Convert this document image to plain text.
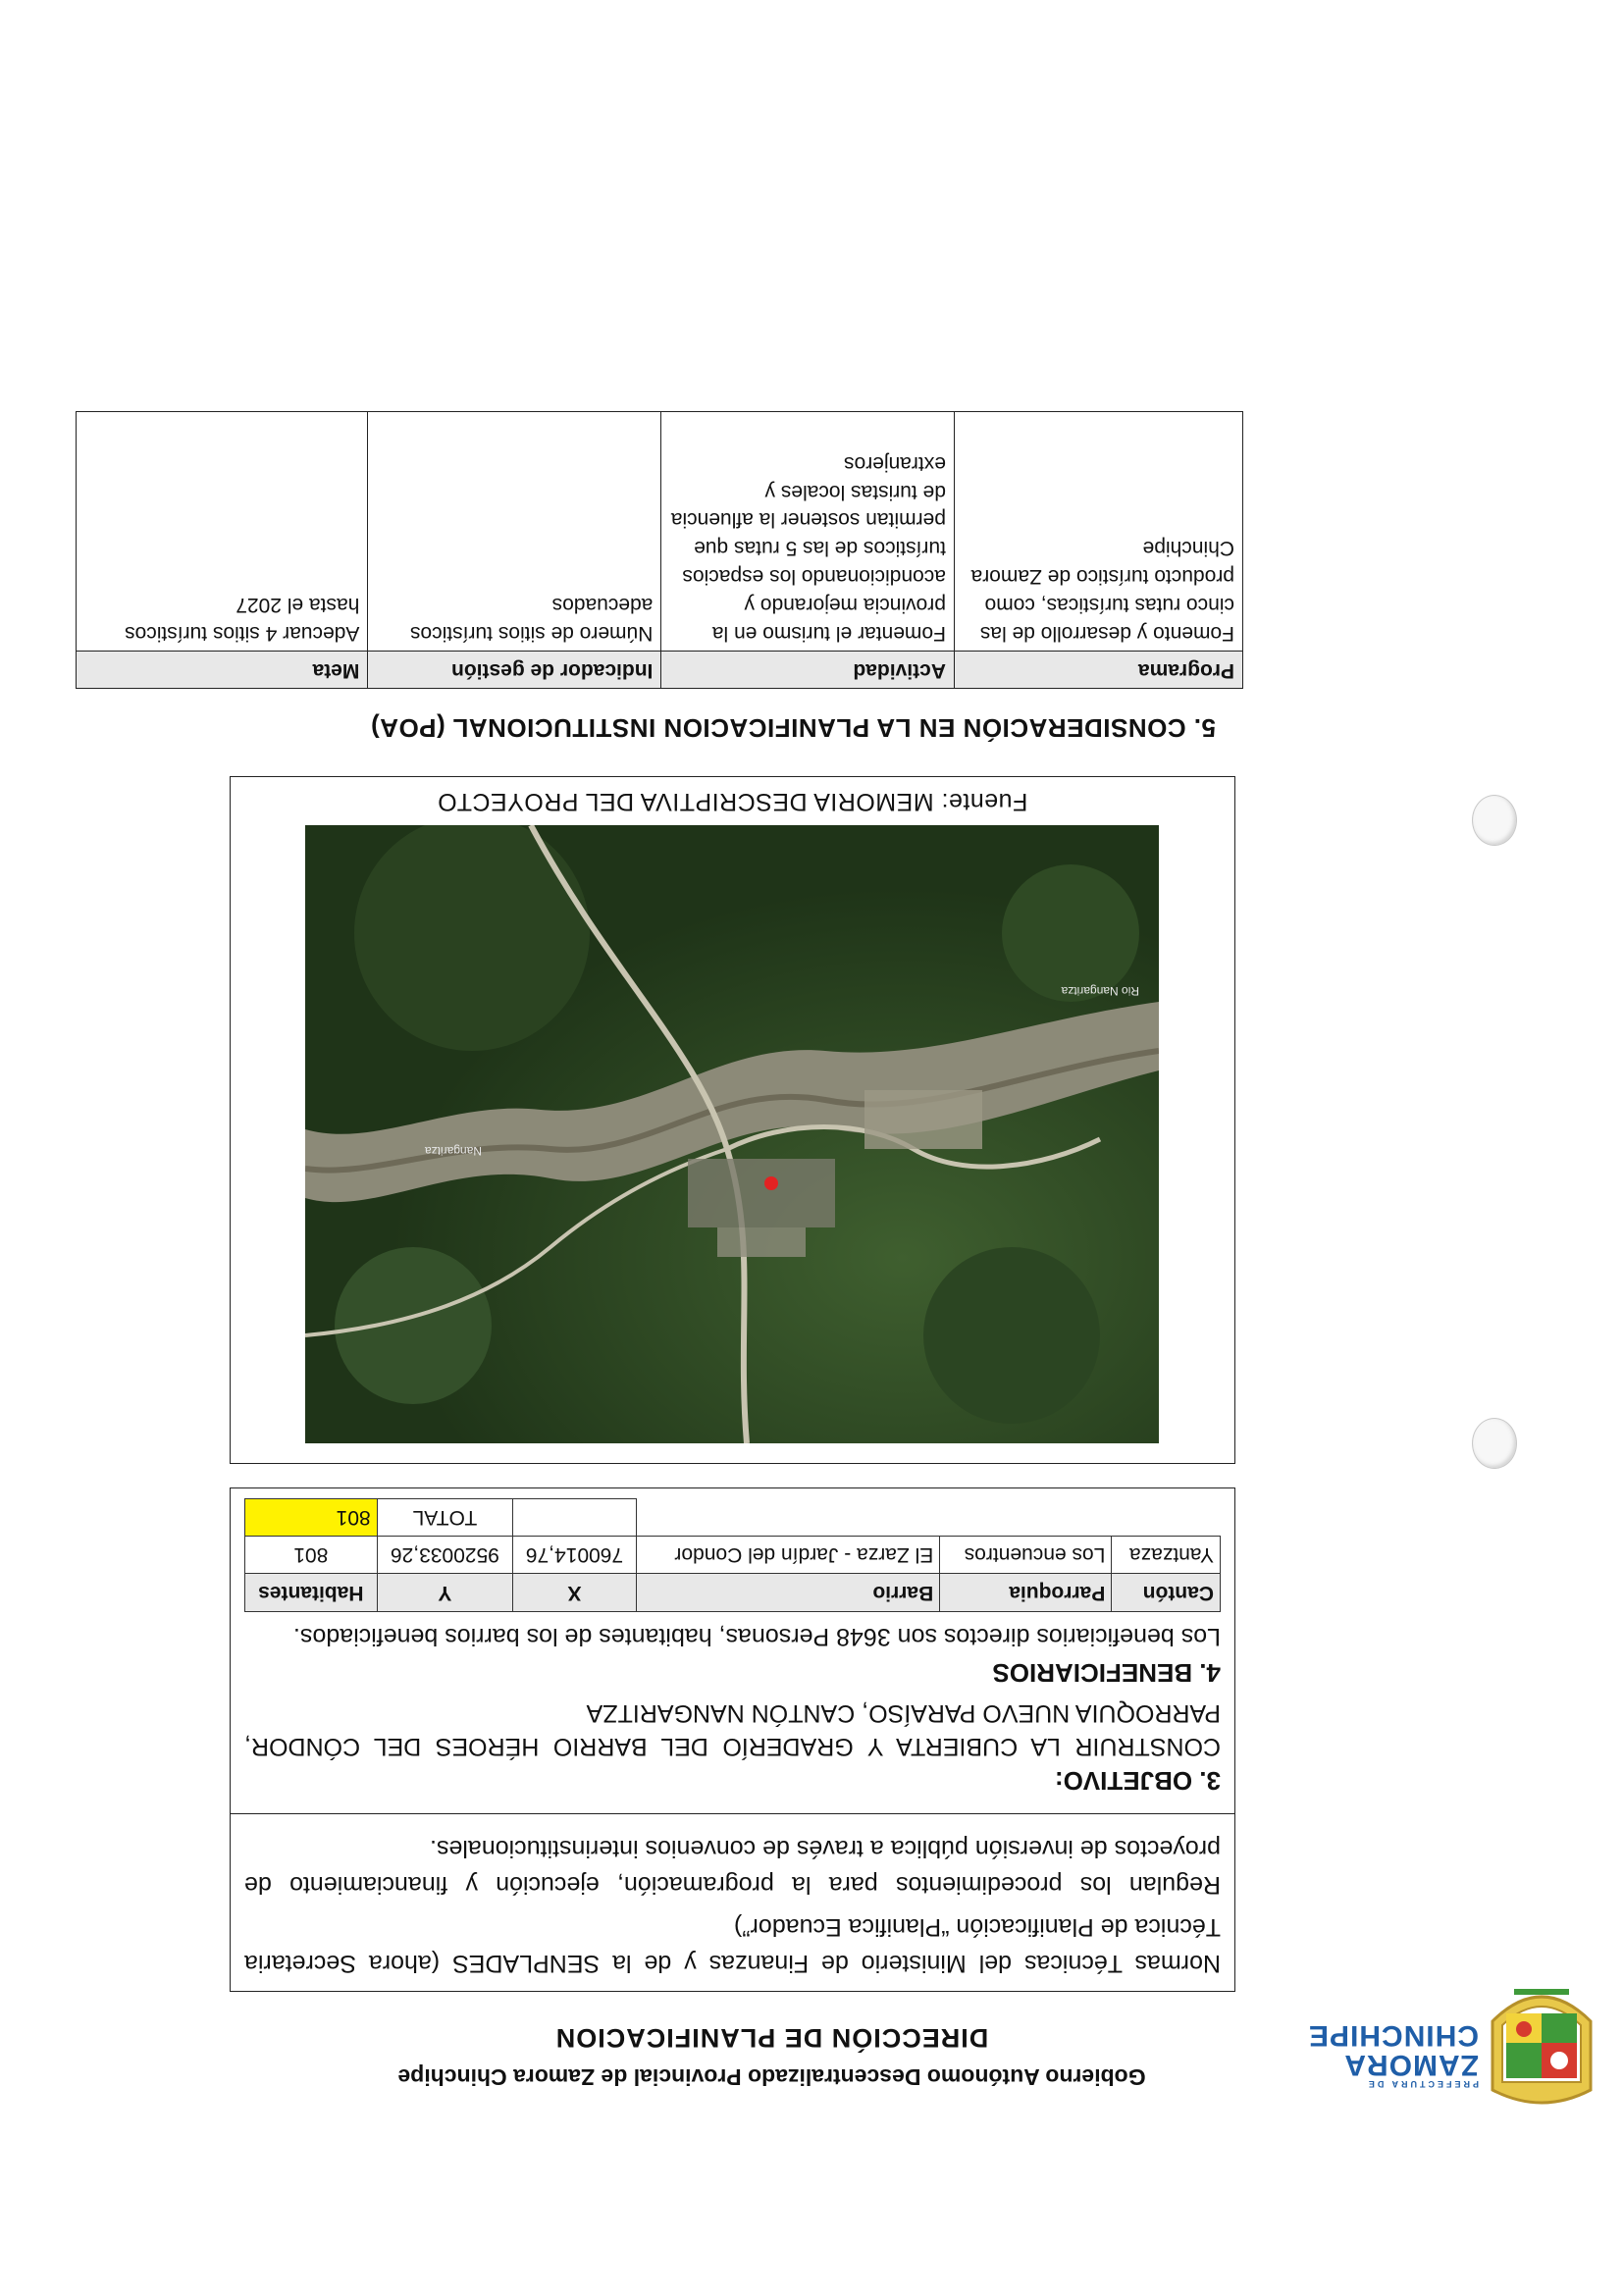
PREFECTURA DE
ZAMORA
CHINCHIPE
Gobierno Autónomo Descentralizado Provincial de Zamora Chinchipe
DIRECCIÓN DE PLANIFICACION

Normas Técnicas del Ministerio de Finanzas y de la SENPLADES (ahora Secretaria Técnica de Planificación “Planifica Ecuador”)

Regulan los procedimientos para la programación, ejecución y financiamiento de proyectos de inversión pública a través de convenios interinstitucionales.

3. OBJETIVO:
CONSTRUIR LA CUBIERTA Y GRADERÍO DEL BARRIO HÉROES DEL CÓNDOR, PARROQUIA NUEVO PARAÍSO, CANTÓN NANGARITZA
4. BENEFICIARIOS
Los beneficiarios directos son 3648 Personas, habitantes de los barrios beneficiados.
Cantón	Parroquia	Barrio	X	Y	Habitantes
Yantzaza	Los encuentros	El Zarza - Jardín del Condor	760014,76	9520033,26	801
				TOTAL	801
Nangaritza
Rio Nangaritza
Fuente: MEMORIA DESCRIPTIVA DEL PROYECTO
5. CONSIDERACIÓN EN LA PLANIFICACION INSTITUCIONAL (POA)
Programa	Actividad	Indicador de gestión	Meta
Fomento y desarrollo de las cinco rutas turísticas, como producto turístico de Zamora Chinchipe	Fomentar el turismo en la provincia mejorando y acondicionando los espacios turísticos de las 5 rutas que permitan sostener la afluencia de turistas locales y extranjeros	Número de sitios turísticos adecuados	Adecuar 4 sitios turísticos hasta el 2027
